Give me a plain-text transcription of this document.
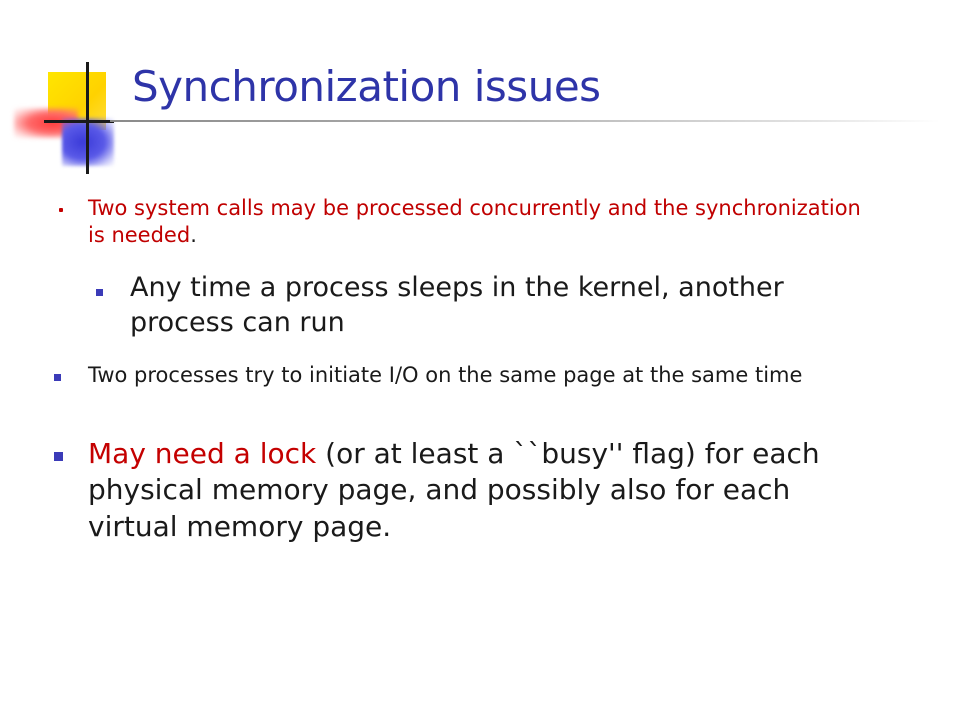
Synchronization issues
Two system calls may be processed concurrently and the synchronization is needed.
Any time a process sleeps in the kernel, another process can run
Two processes try to initiate I/O on the same page at the same time
May need a lock (or at least a ``busy'' flag) for each physical memory page, and possibly also for each virtual memory page.
